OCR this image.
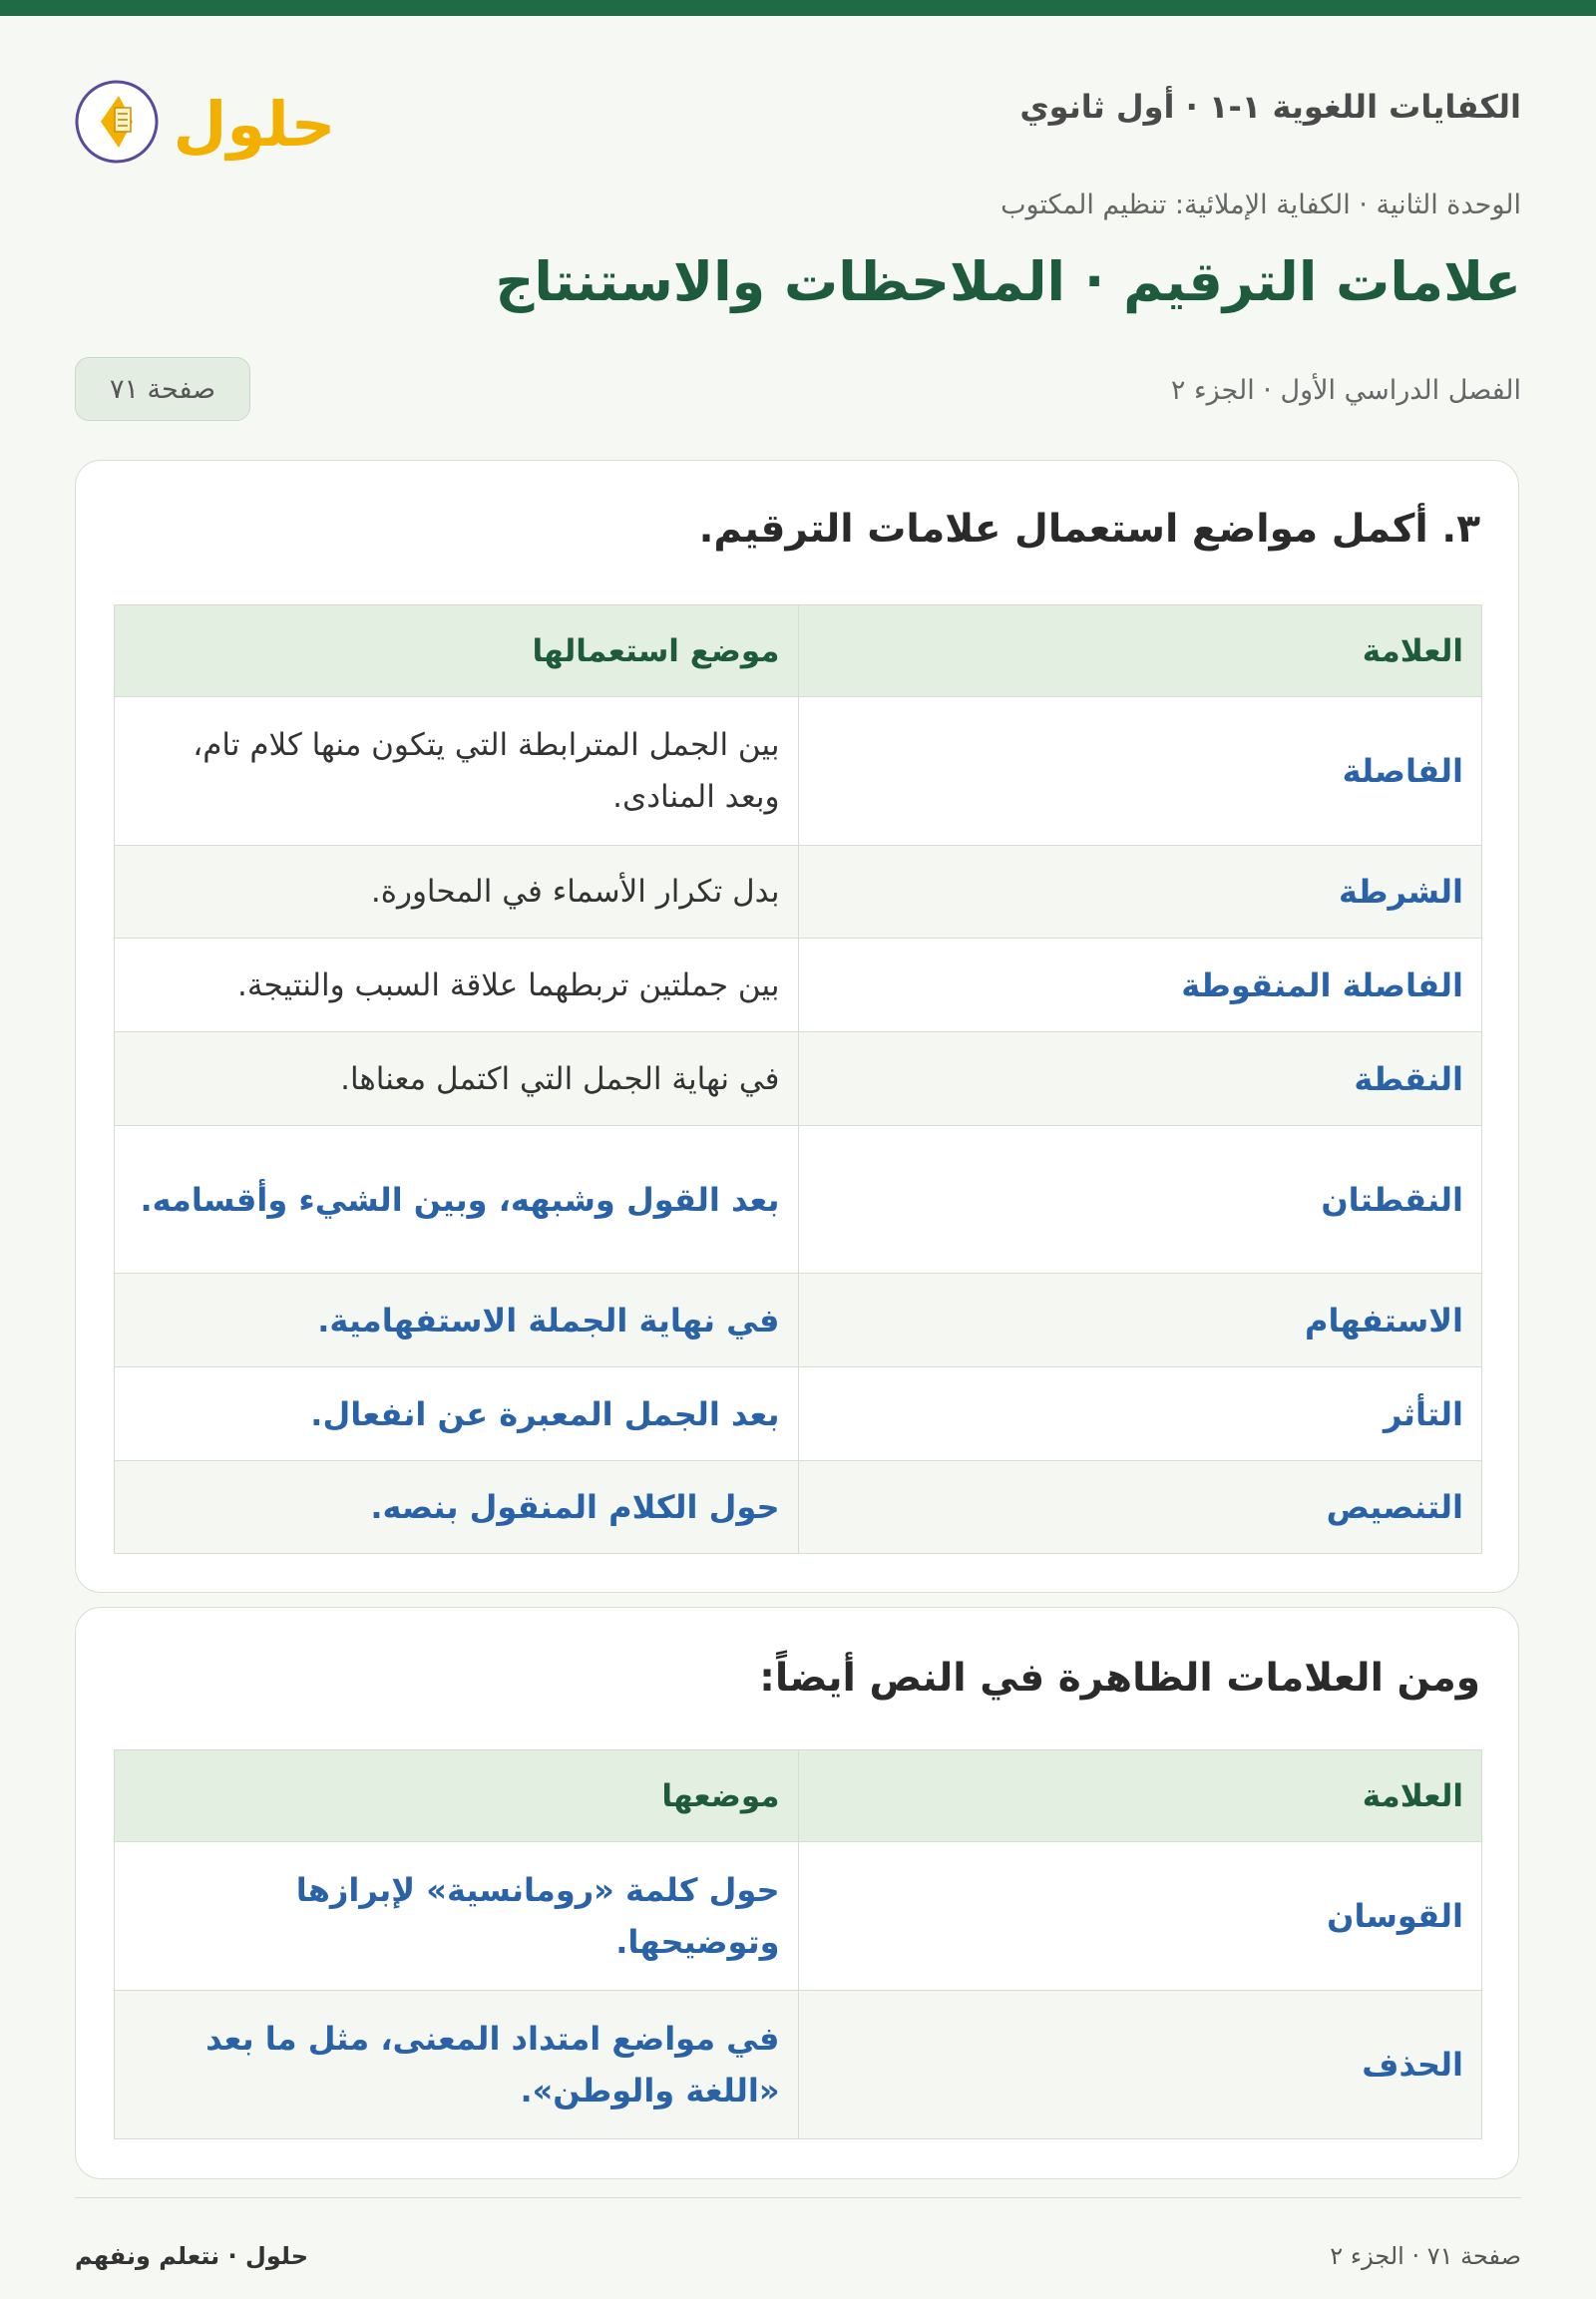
الكفايات اللغوية ١-١ · أول ثانوي
حلول
الوحدة الثانية · الكفاية الإملائية: تنظيم المكتوب
علامات الترقيم · الملاحظات والاستنتاج
الفصل الدراسي الأول · الجزء ٢
صفحة ٧١
٣. أكمل مواضع استعمال علامات الترقيم.
العلامة	موضع استعمالها
الفاصلة	بين الجمل المترابطة التي يتكون منها كلام تام، وبعد المنادى.
الشرطة	بدل تكرار الأسماء في المحاورة.
الفاصلة المنقوطة	بين جملتين تربطهما علاقة السبب والنتيجة.
النقطة	في نهاية الجمل التي اكتمل معناها.
النقطتان	بعد القول وشبهه، وبين الشيء وأقسامه.
الاستفهام	في نهاية الجملة الاستفهامية.
التأثر	بعد الجمل المعبرة عن انفعال.
التنصيص	حول الكلام المنقول بنصه.
ومن العلامات الظاهرة في النص أيضاً:
العلامة	موضعها
القوسان	حول كلمة «رومانسية» لإبرازها وتوضيحها.
الحذف	في مواضع امتداد المعنى، مثل ما بعد «اللغة والوطن».
صفحة ٧١ · الجزء ٢
حلول · نتعلم ونفهم
